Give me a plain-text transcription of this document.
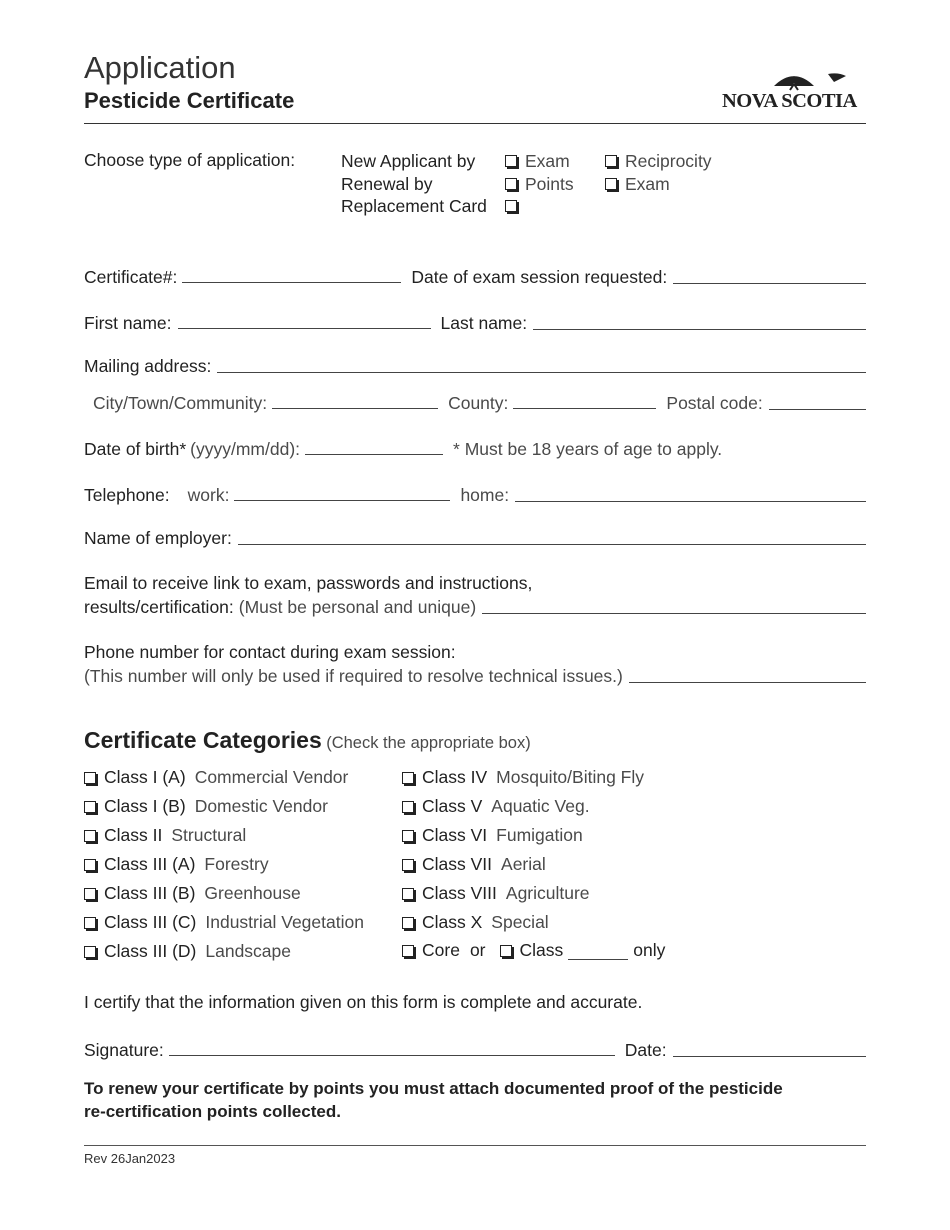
Application
Pesticide Certificate	NOVA SCOTIA
Choose type of application:	New Applicant by	Exam	Reciprocity
Renewal by	Points	Exam
Replacement Card
Certificate#:	Date of exam session requested:
First name:	Last name:
Mailing address:
City/Town/Community:	County:	Postal code:
Date of birth* (yyyy/mm/dd):	* Must be 18 years of age to apply.
Telephone: work:	home:
Name of employer:
Email to receive link to exam, passwords and instructions,
results/certification: (Must be personal and unique)
Phone number for contact during exam session:
(This number will only be used if required to resolve technical issues.)
Certificate Categories (Check the appropriate box)
Class I (A) Commercial Vendor
Class I (B) Domestic Vendor
Class II Structural
Class III (A) Forestry
Class III (B) Greenhouse
Class III (C) Industrial Vegetation
Class III (D) Landscape
Class IV Mosquito/Biting Fly
Class V Aquatic Veg.
Class VI Fumigation
Class VII Aerial
Class VIII Agriculture
Class X Special
Core or Class	only
I certify that the information given on this form is complete and accurate.
Signature:	Date:
To renew your certificate by points you must attach documented proof of the pesticide
re-certification points collected.
Rev 26Jan2023
